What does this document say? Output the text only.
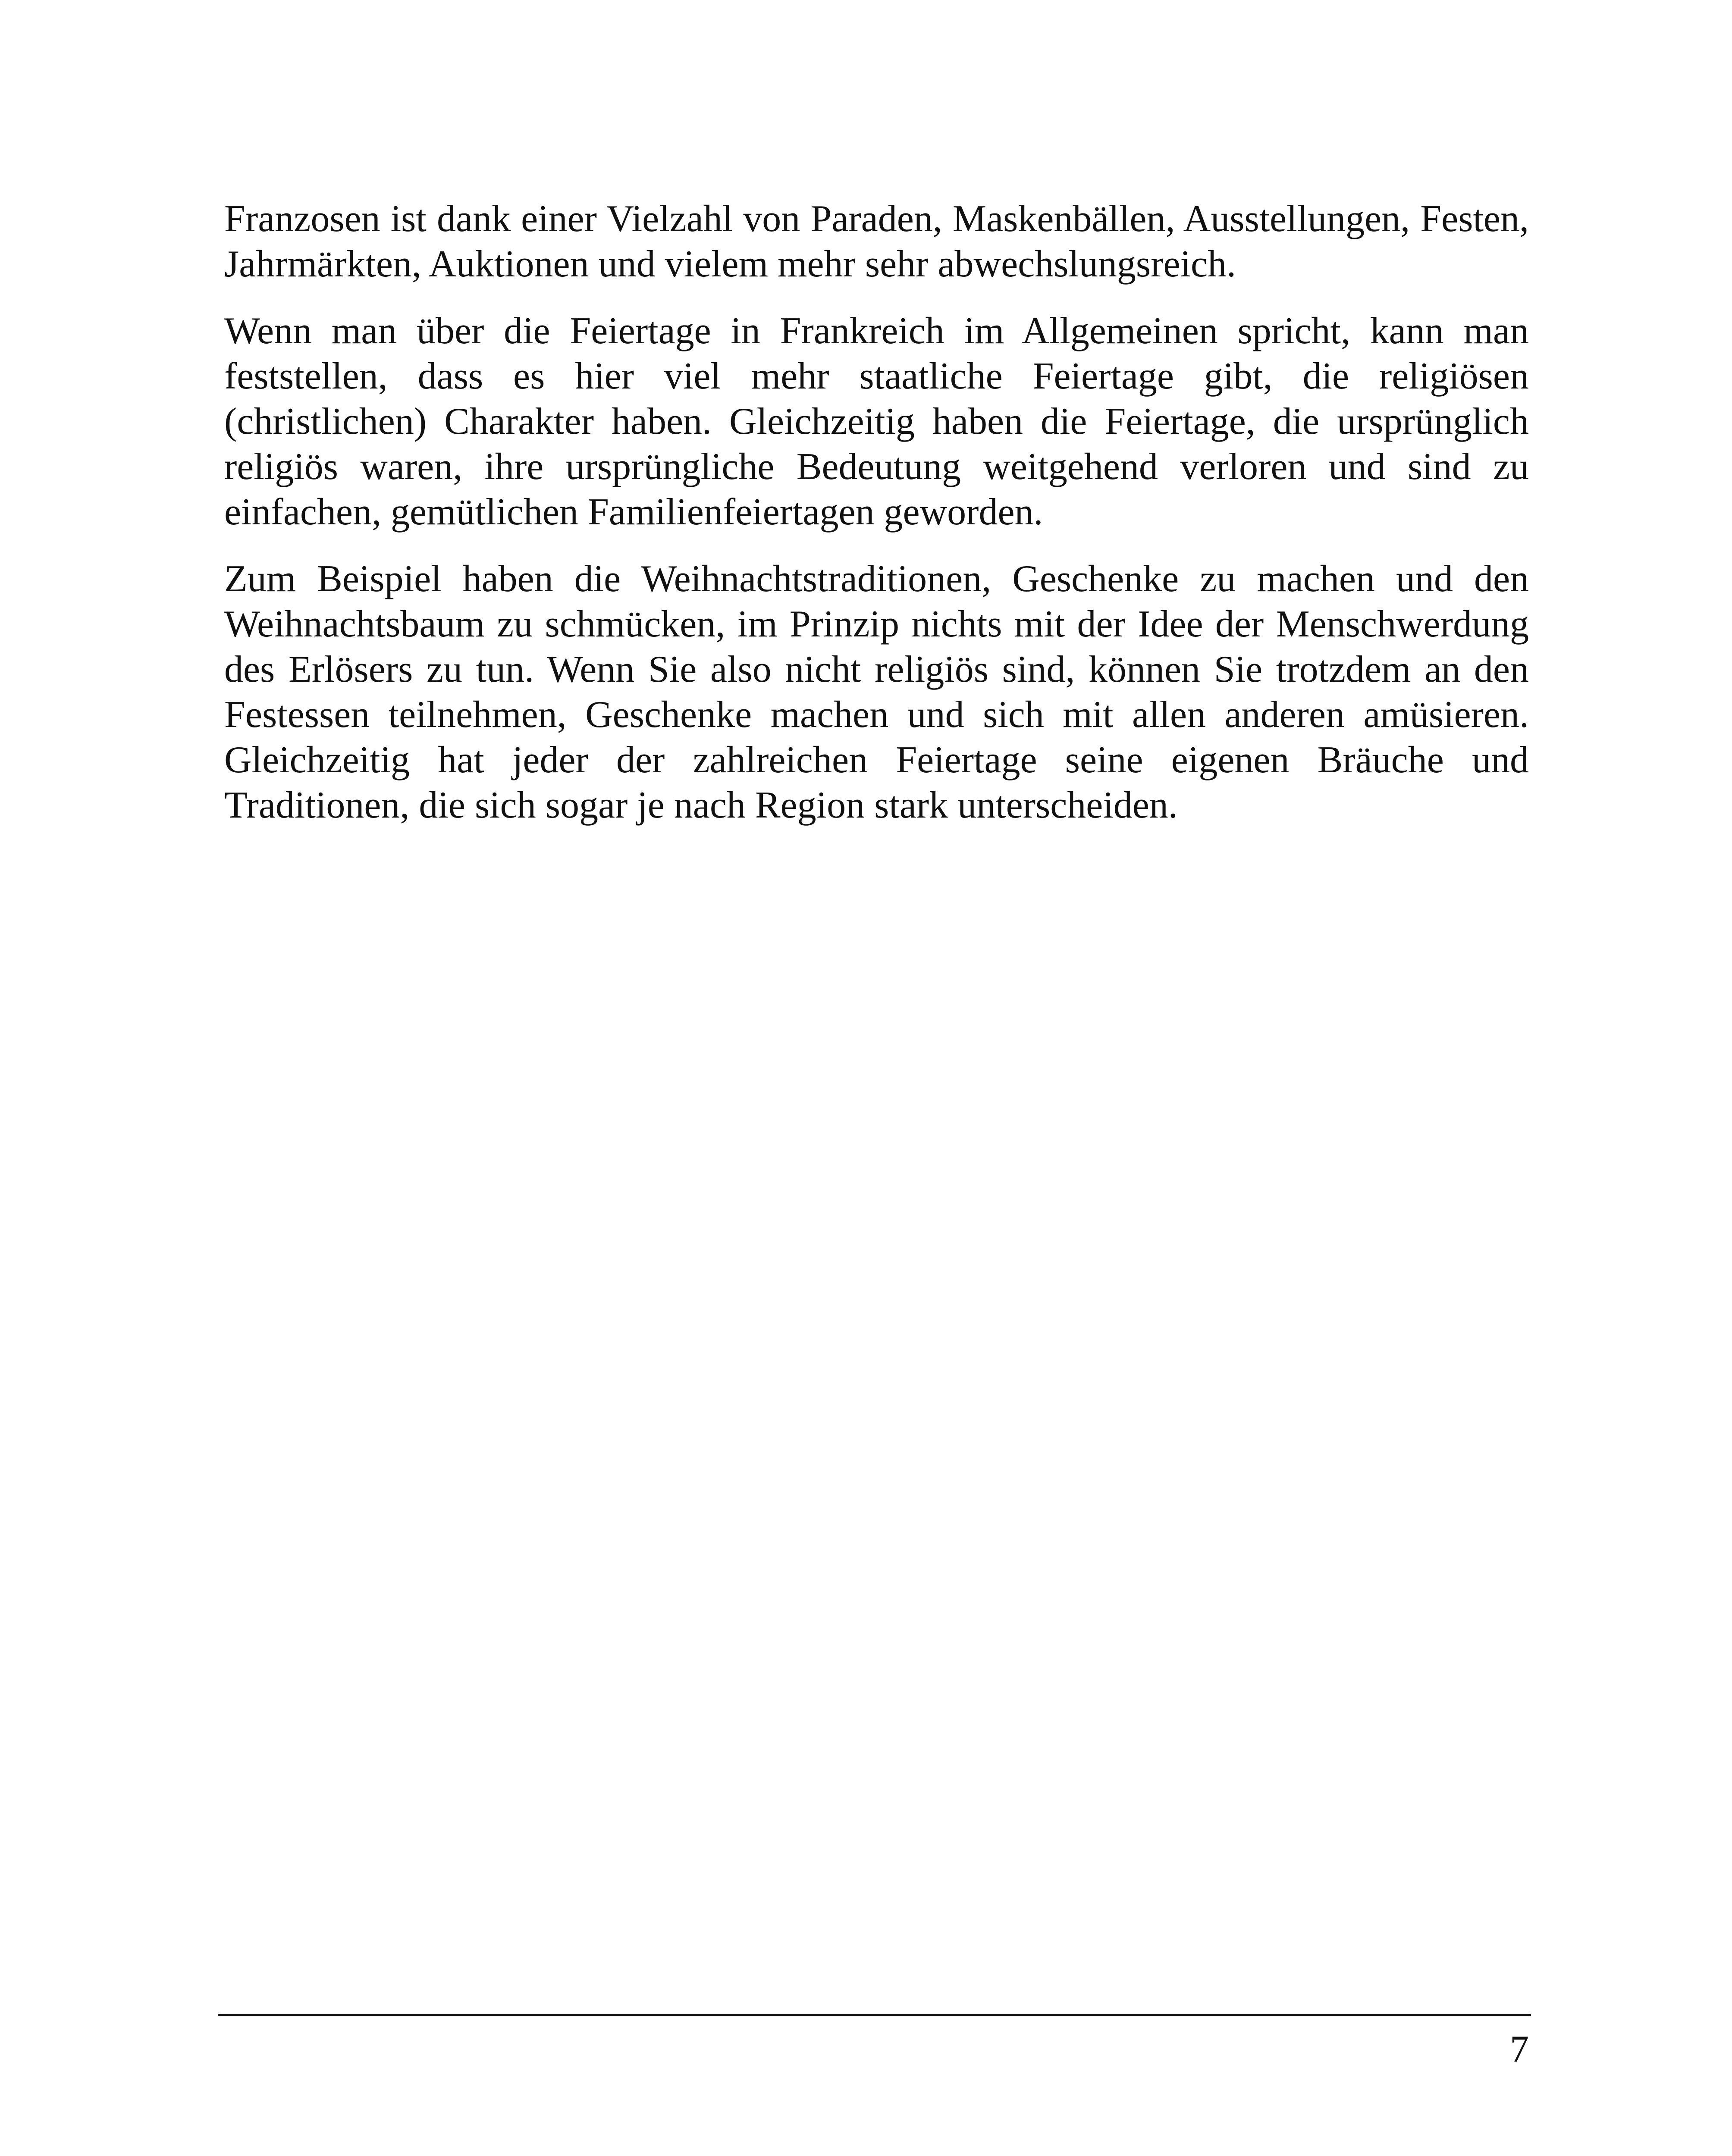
Franzosen ist dank einer Vielzahl von Paraden, Maskenbällen, Ausstellungen, Festen, Jahrmärkten, Auktionen und vielem mehr sehr abwechslungsreich.

Wenn man über die Feiertage in Frankreich im Allgemeinen spricht, kann man feststellen, dass es hier viel mehr staatliche Feiertage gibt, die religiösen (christlichen) Charakter haben. Gleichzeitig haben die Feiertage, die ursprünglich religiös waren, ihre ursprüngliche Bedeutung weitgehend verloren und sind zu einfachen, gemütlichen Familienfeiertagen geworden.

Zum Beispiel haben die Weihnachtstraditionen, Geschenke zu machen und den Weihnachtsbaum zu schmücken, im Prinzip nichts mit der Idee der Menschwerdung des Erlösers zu tun. Wenn Sie also nicht religiös sind, können Sie trotzdem an den Festessen teilnehmen, Geschenke machen und sich mit allen anderen amüsieren. Gleichzeitig hat jeder der zahlreichen Feiertage seine eigenen Bräuche und Traditionen, die sich sogar je nach Region stark unterscheiden.

7
